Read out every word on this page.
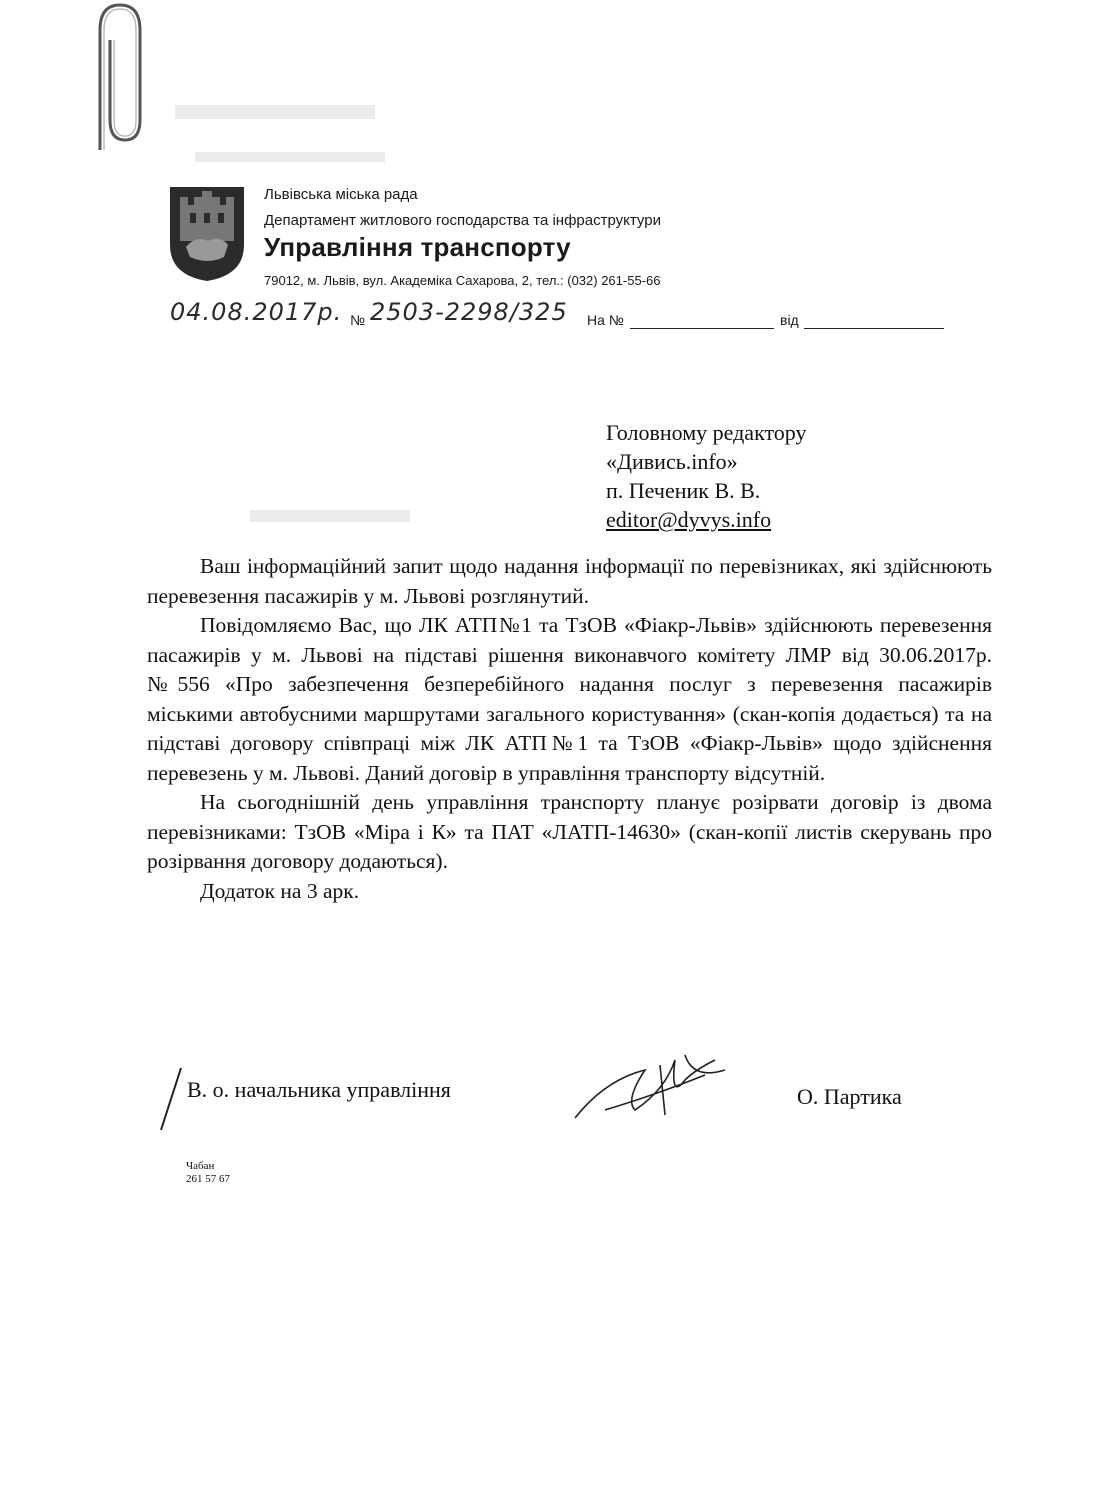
Львівська міська рада
Департамент житлового господарства та інфраструктури
Управління транспорту
79012, м. Львів, вул. Академіка Сахарова, 2, тел.: (032) 261-55-66
04.08.2017р. № 2503-2298/325 На №	від
Головному редактору
«Дивись.info»
п. Печеник В. В.
editor@dyvys.info

Ваш інформаційний запит щодо надання інформації по перевізниках, які здійснюють перевезення пасажирів у м. Львові розглянутий.

Повідомляємо Вас, що ЛК АТП№1 та ТзОВ «Фіакр-Львів» здійснюють перевезення пасажирів у м. Львові на підставі рішення виконавчого комітету ЛМР від 30.06.2017р. №556 «Про забезпечення безперебійного надання послуг з перевезення пасажирів міськими автобусними маршрутами загального користування» (скан-копія додається) та на підставі договору співпраці між ЛК АТП№1 та ТзОВ «Фіакр-Львів» щодо здійснення перевезень у м. Львові. Даний договір в управління транспорту відсутній.

На сьогоднішній день управління транспорту планує розірвати договір із двома перевізниками: ТзОВ «Міра і К» та ПАТ «ЛАТП-14630» (скан-копії листів скерувань про розірвання договору додаються).

Додаток на 3 арк.

В. о. начальника управління	О. Партика
Чабан
261 57 67
